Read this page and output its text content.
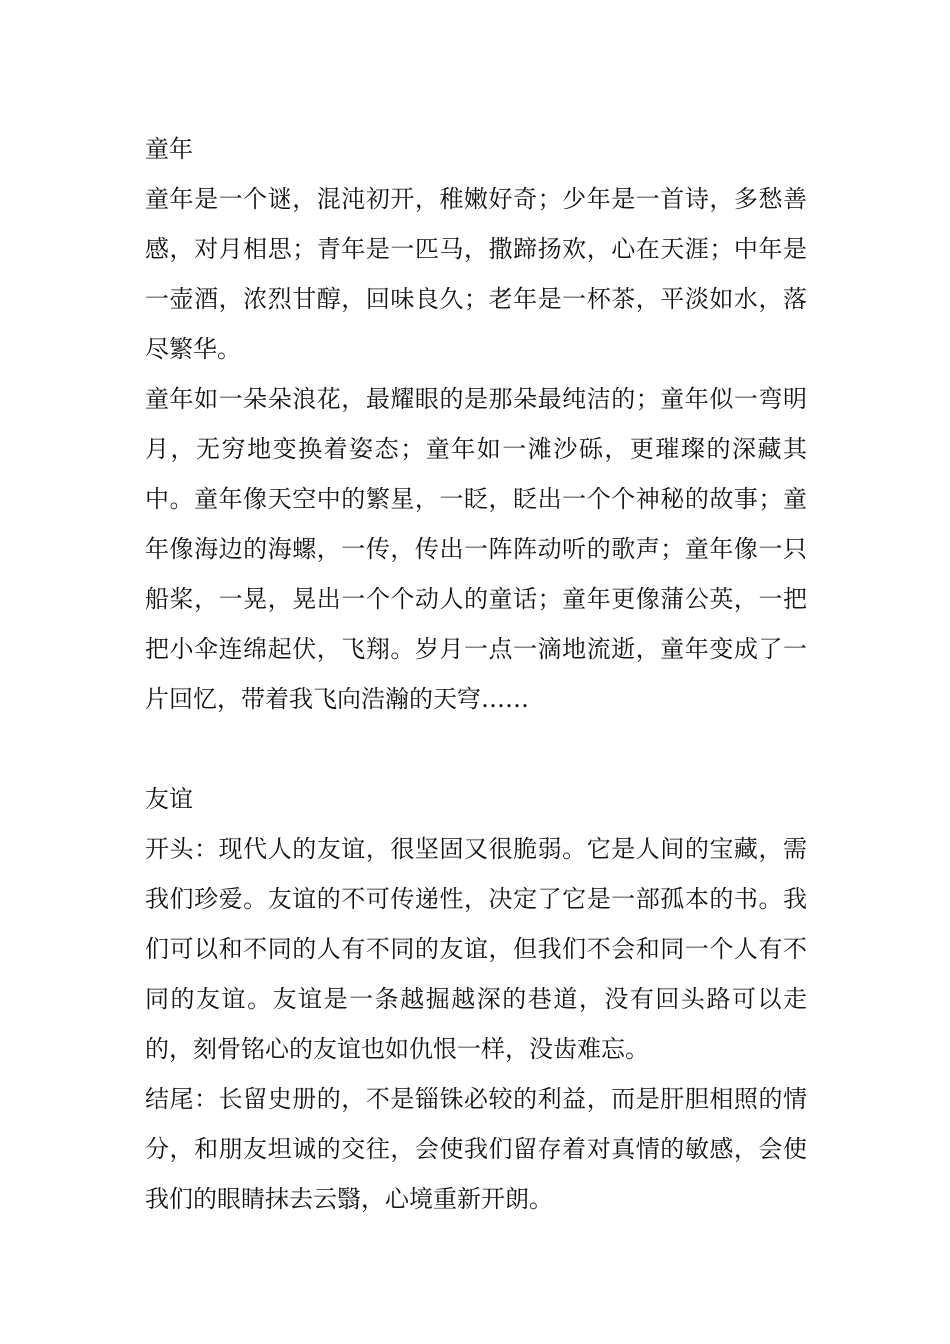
童年

童年是一个谜，混沌初开，稚嫩好奇；少年是一首诗，多愁善感，对月相思；青年是一匹马，撒蹄扬欢，心在天涯；中年是一壶酒，浓烈甘醇，回味良久；老年是一杯茶，平淡如水，落尽繁华。

童年如一朵朵浪花，最耀眼的是那朵最纯洁的；童年似一弯明月，无穷地变换着姿态；童年如一滩沙砾，更璀璨的深藏其中。童年像天空中的繁星，一眨，眨出一个个神秘的故事；童年像海边的海螺，一传，传出一阵阵动听的歌声；童年像一只船桨，一晃，晃出一个个动人的童话；童年更像蒲公英，一把把小伞连绵起伏，飞翔。岁月一点一滴地流逝，童年变成了一片回忆，带着我飞向浩瀚的天穹……

友谊

开头：现代人的友谊，很坚固又很脆弱。它是人间的宝藏，需我们珍爱。友谊的不可传递性，决定了它是一部孤本的书。我们可以和不同的人有不同的友谊，但我们不会和同一个人有不同的友谊。友谊是一条越掘越深的巷道，没有回头路可以走的，刻骨铭心的友谊也如仇恨一样，没齿难忘。

结尾：长留史册的，不是锱铢必较的利益，而是肝胆相照的情分，和朋友坦诚的交往，会使我们留存着对真情的敏感，会使我们的眼睛抹去云翳，心境重新开朗。
